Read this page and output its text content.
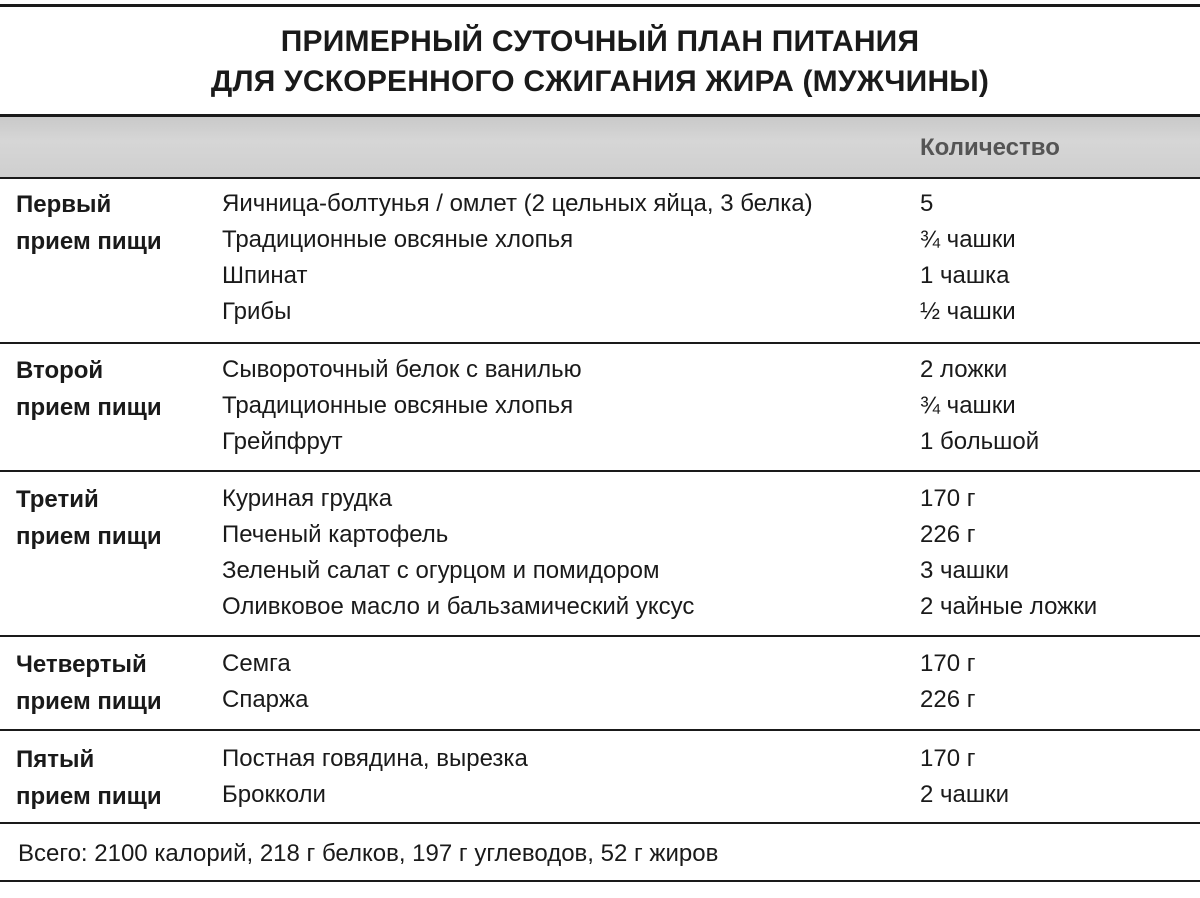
ПРИМЕРНЫЙ СУТОЧНЫЙ ПЛАН ПИТАНИЯ
ДЛЯ УСКОРЕННОГО СЖИГАНИЯ ЖИРА (МУЖЧИНЫ)
Количество
Первый
прием пищи
Яичница-болтунья / омлет (2 цельных яйца, 3 белка)	5
Традиционные овсяные хлопья	¾ чашки
Шпинат	1 чашка
Грибы	½ чашки
Второй
прием пищи
Сывороточный белок с ванилью	2 ложки
Традиционные овсяные хлопья	¾ чашки
Грейпфрут	1 большой
Третий
прием пищи
Куриная грудка	170 г
Печеный картофель	226 г
Зеленый салат с огурцом и помидором	3 чашки
Оливковое масло и бальзамический уксус	2 чайные ложки
Четвертый
прием пищи
Семга	170 г
Спаржа	226 г
Пятый
прием пищи
Постная говядина, вырезка	170 г
Брокколи	2 чашки
Всего: 2100 калорий, 218 г белков, 197 г углеводов, 52 г жиров
